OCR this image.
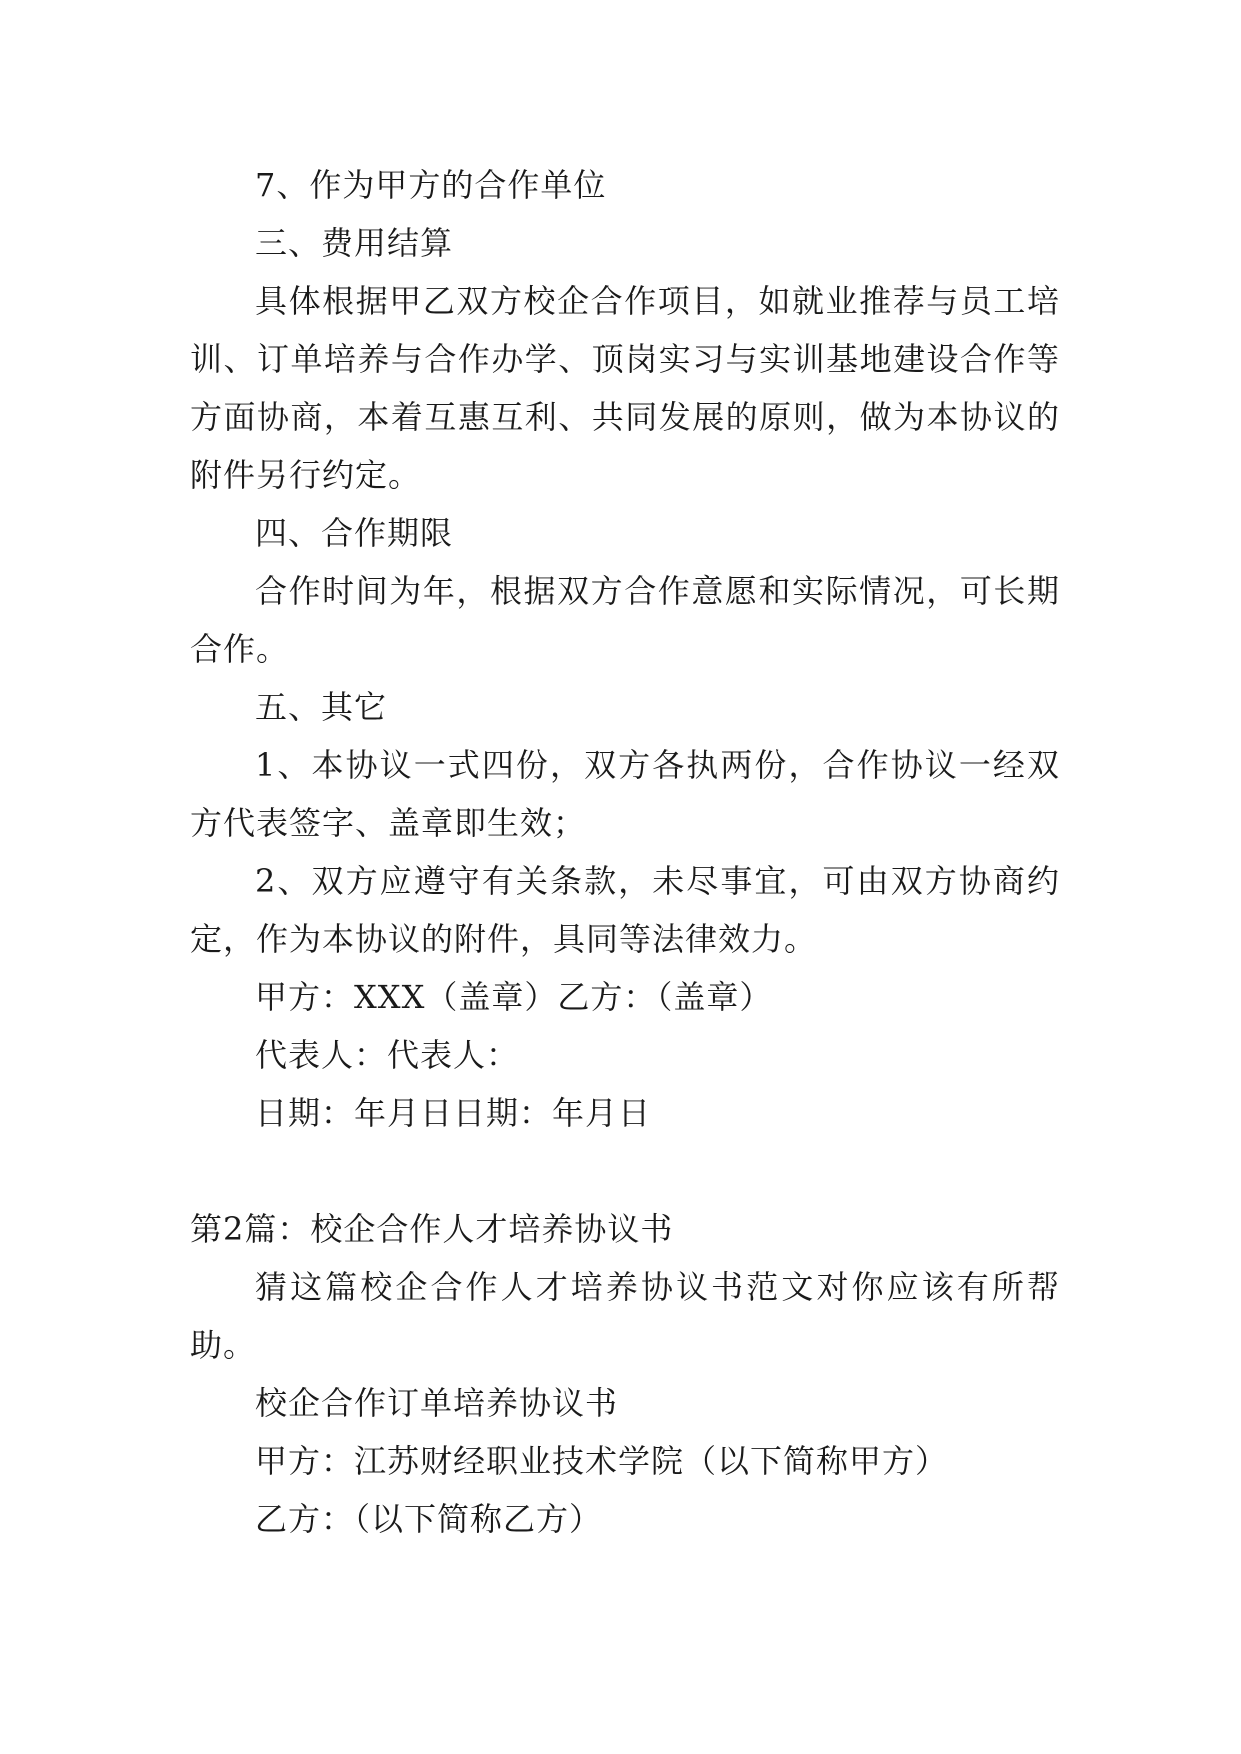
7、作为甲方的合作单位
三、费用结算
具体根据甲乙双方校企合作项目，如就业推荐与员工培
训、订单培养与合作办学、顶岗实习与实训基地建设合作等
方面协商，本着互惠互利、共同发展的原则，做为本协议的
附件另行约定。
四、合作期限
合作时间为年，根据双方合作意愿和实际情况，可长期
合作。
五、其它
1、本协议一式四份，双方各执两份，合作协议一经双
方代表签字、盖章即生效；
2、双方应遵守有关条款，未尽事宜，可由双方协商约
定，作为本协议的附件，具同等法律效力。
甲方：XXX（盖章）乙方：（盖章）
代表人：代表人：
日期：年月日日期：年月日
第2篇：校企合作人才培养协议书
猜这篇校企合作人才培养协议书范文对你应该有所帮
助。
校企合作订单培养协议书
甲方：江苏财经职业技术学院（以下简称甲方）
乙方：（以下简称乙方）
